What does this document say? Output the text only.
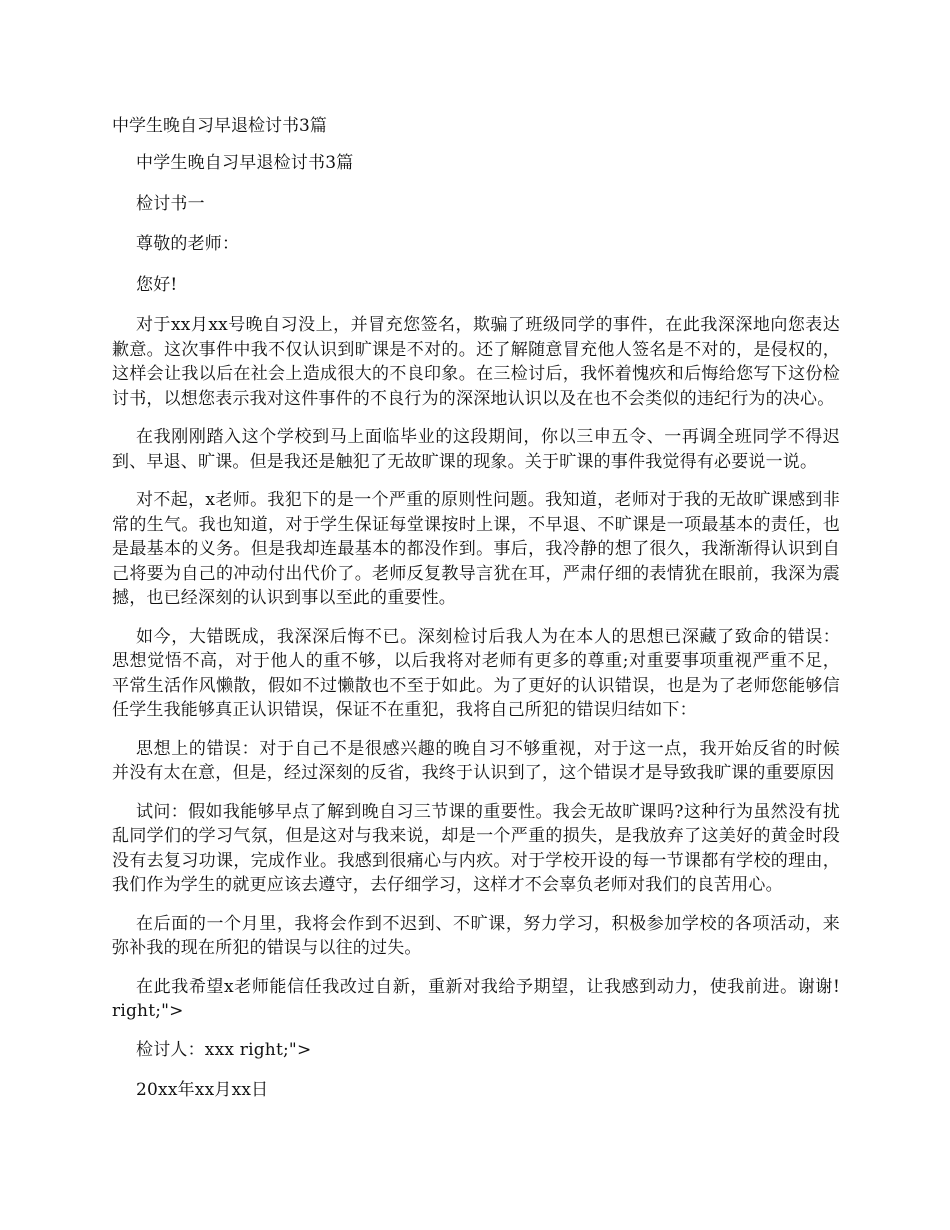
中学生晚自习早退检讨书3篇

中学生晚自习早退检讨书3篇

检讨书一

尊敬的老师：

您好!

对于xx月xx号晚自习没上，并冒充您签名，欺骗了班级同学的事件，在此我深深地向您表达歉意。这次事件中我不仅认识到旷课是不对的。还了解随意冒充他人签名是不对的，是侵权的，这样会让我以后在社会上造成很大的不良印象。在三检讨后，我怀着愧疚和后悔给您写下这份检讨书，以想您表示我对这件事件的不良行为的深深地认识以及在也不会类似的违纪行为的决心。

在我刚刚踏入这个学校到马上面临毕业的这段期间，你以三申五令、一再调全班同学不得迟到、早退、旷课。但是我还是触犯了无故旷课的现象。关于旷课的事件我觉得有必要说一说。

对不起，x老师。我犯下的是一个严重的原则性问题。我知道，老师对于我的无故旷课感到非常的生气。我也知道，对于学生保证每堂课按时上课，不早退、不旷课是一项最基本的责任，也是最基本的义务。但是我却连最基本的都没作到。事后，我冷静的想了很久，我渐渐得认识到自己将要为自己的冲动付出代价了。老师反复教导言犹在耳，严肃仔细的表情犹在眼前，我深为震撼，也已经深刻的认识到事以至此的重要性。

如今，大错既成，我深深后悔不已。深刻检讨后我人为在本人的思想已深藏了致命的错误：思想觉悟不高，对于他人的重不够，以后我将对老师有更多的尊重;对重要事项重视严重不足，平常生活作风懒散，假如不过懒散也不至于如此。为了更好的认识错误，也是为了老师您能够信任学生我能够真正认识错误，保证不在重犯，我将自己所犯的错误归结如下：

思想上的错误：对于自己不是很感兴趣的晚自习不够重视，对于这一点，我开始反省的时候并没有太在意，但是，经过深刻的反省，我终于认识到了，这个错误才是导致我旷课的重要原因

试问：假如我能够早点了解到晚自习三节课的重要性。我会无故旷课吗?这种行为虽然没有扰乱同学们的学习气氛，但是这对与我来说，却是一个严重的损失，是我放弃了这美好的黄金时段没有去复习功课，完成作业。我感到很痛心与内疚。对于学校开设的每一节课都有学校的理由，我们作为学生的就更应该去遵守，去仔细学习，这样才不会辜负老师对我们的良苦用心。

在后面的一个月里，我将会作到不迟到、不旷课，努力学习，积极参加学校的各项活动，来弥补我的现在所犯的错误与以往的过失。

在此我希望x老师能信任我改过自新，重新对我给予期望，让我感到动力，使我前进。谢谢! right;">

检讨人：xxx right;">

20xx年xx月xx日
